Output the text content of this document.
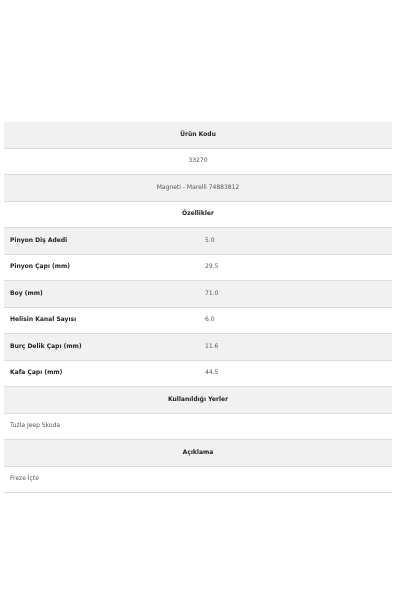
Ürün Kodu	
33270	
Magneti - Marelli 74883812	
Özellikler	
Pinyon Diş Adedi	5.0
Pinyon Çapı (mm)	29.5
Boy (mm)	71.0
Helisin Kanal Sayısı	6.0
Burç Delik Çapı (mm)	11.6
Kafa Çapı (mm)	44.5
Kullanıldığı Yerler	
Tuzla Jeep Skoda	
Açıklama	
Freze İçte	
